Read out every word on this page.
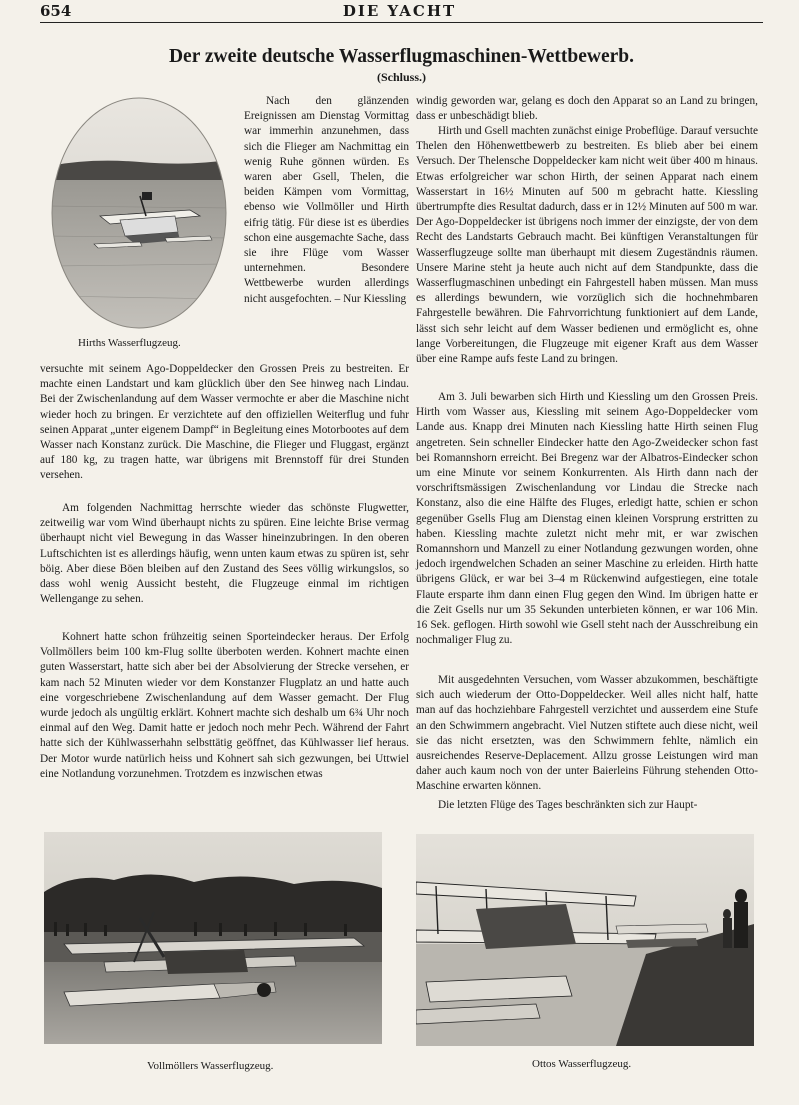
654	DIE YACHT
Der zweite deutsche Wasserflugmaschinen-Wettbewerb.
(Schluss.)
Hirths Wasserflugzeug.

Nach den glänzenden Ereignissen am Dienstag Vormittag war immerhin anzunehmen, dass sich die Flieger am Nachmittag ein wenig Ruhe gönnen würden. Es waren aber Gsell, Thelen, die beiden Kämpen vom Vormittag, ebenso wie Vollmöller und Hirth eifrig tätig. Für diese ist es überdies schon eine ausgemachte Sache, dass sie ihre Flüge vom Wasser unternehmen. Besondere Wettbewerbe wurden allerdings nicht ausgefochten. – Nur Kiessling

versuchte mit seinem Ago-Doppeldecker den Grossen Preis zu bestreiten. Er machte einen Landstart und kam glücklich über den See hinweg nach Lindau. Bei der Zwischenlandung auf dem Wasser vermochte er aber die Maschine nicht wieder hoch zu bringen. Er verzichtete auf den offiziellen Weiterflug und fuhr seinen Apparat „unter eigenem Dampf“ in Begleitung eines Motorbootes auf dem Wasser nach Konstanz zurück. Die Maschine, die Flieger und Fluggast, ergänzt auf 180 kg, zu tragen hatte, war übrigens mit Brennstoff für drei Stunden versehen.

Am folgenden Nachmittag herrschte wieder das schönste Flugwetter, zeitweilig war vom Wind überhaupt nichts zu spüren. Eine leichte Brise vermag überhaupt nicht viel Bewegung in das Wasser hineinzubringen. In den oberen Luftschichten ist es allerdings häufig, wenn unten kaum etwas zu spüren ist, sehr böig. Aber diese Böen bleiben auf den Zustand des Sees völlig wirkungslos, so dass wohl wenig Aussicht besteht, die Flugzeuge einmal im richtigen Wellengange zu sehen.

Kohnert hatte schon frühzeitig seinen Sporteindecker heraus. Der Erfolg Vollmöllers beim 100 km-Flug sollte überboten werden. Kohnert machte einen guten Wasserstart, hatte sich aber bei der Absolvierung der Strecke versehen, er kam nach 52 Minuten wieder vor dem Konstanzer Flugplatz an und hatte auch eine vorgeschriebene Zwischenlandung auf dem Wasser gemacht. Der Flug wurde jedoch als ungültig erklärt. Kohnert machte sich deshalb um 6¾ Uhr noch einmal auf den Weg. Damit hatte er jedoch noch mehr Pech. Während der Fahrt hatte sich der Kühlwasserhahn selbsttätig geöffnet, das Kühlwasser lief heraus. Der Motor wurde natürlich heiss und Kohnert sah sich gezwungen, bei Uttwiel eine Notlandung vorzunehmen. Trotzdem es inzwischen etwas

windig geworden war, gelang es doch den Apparat so an Land zu bringen, dass er unbeschädigt blieb.

Hirth und Gsell machten zunächst einige Probeflüge. Darauf versuchte Thelen den Höhenwettbewerb zu bestreiten. Es blieb aber bei einem Versuch. Der Thelensche Doppeldecker kam nicht weit über 400 m hinaus. Etwas erfolgreicher war schon Hirth, der seinen Apparat nach einem Wasserstart in 16½ Minuten auf 500 m gebracht hatte. Kiessling übertrumpfte dies Resultat dadurch, dass er in 12½ Minuten auf 500 m war. Der Ago-Doppeldecker ist übrigens noch immer der einzigste, der von dem Recht des Landstarts Gebrauch macht. Bei künftigen Veranstaltungen für Wasserflugzeuge sollte man überhaupt mit diesem Zugeständnis räumen. Unsere Marine steht ja heute auch nicht auf dem Standpunkte, dass die Wasserflugmaschinen unbedingt ein Fahrgestell haben müssen. Man muss es allerdings bewundern, wie vorzüglich sich die hochnehmbaren Fahrgestelle bewähren. Die Fahrvorrichtung funktioniert auf dem Lande, lässt sich sehr leicht auf dem Wasser bedienen und ermöglicht es, ohne lange Vorbereitungen, die Flugzeuge mit eigener Kraft aus dem Wasser über eine Rampe aufs feste Land zu bringen.

Am 3. Juli bewarben sich Hirth und Kiessling um den Grossen Preis. Hirth vom Wasser aus, Kiessling mit seinem Ago-Doppeldecker vom Lande aus. Knapp drei Minuten nach Kiessling hatte Hirth seinen Flug angetreten. Sein schneller Eindecker hatte den Ago-Zweidecker schon fast bei Romannshorn erreicht. Bei Bregenz war der Albatros-Eindecker schon um eine Minute vor seinem Konkurrenten. Als Hirth dann nach der vorschriftsmässigen Zwischenlandung vor Lindau die Strecke nach Konstanz, also die eine Hälfte des Fluges, erledigt hatte, schien er schon gegenüber Gsells Flug am Dienstag einen kleinen Vorsprung erstritten zu haben. Kiessling machte zuletzt nicht mehr mit, er war zwischen Romannshorn und Manzell zu einer Notlandung gezwungen worden, ohne jedoch irgendwelchen Schaden an seiner Maschine zu erleiden. Hirth hatte übrigens Glück, er war bei 3–4 m Rückenwind aufgestiegen, eine totale Flaute ersparte ihm dann einen Flug gegen den Wind. Im übrigen hatte er die Zeit Gsells nur um 35 Sekunden unterbieten können, er war 106 Min. 16 Sek. geflogen. Hirth sowohl wie Gsell steht nach der Ausschreibung ein nochmaliger Flug zu.

Mit ausgedehnten Versuchen, vom Wasser abzukommen, beschäftigte sich auch wiederum der Otto-Doppeldecker. Weil alles nicht half, hatte man auf das hochziehbare Fahrgestell verzichtet und ausserdem eine Stufe an den Schwimmern angebracht. Viel Nutzen stiftete auch diese nicht, weil sie das nicht ersetzten, was den Schwimmern fehlte, nämlich ein ausreichendes Reserve-Deplacement. Allzu grosse Leistungen wird man daher auch kaum noch von der unter Baierleins Führung stehenden Otto-Maschine erwarten können.

Die letzten Flüge des Tages beschränkten sich zur Haupt-

Vollmöllers Wasserflugzeug.	Ottos Wasserflugzeug.
